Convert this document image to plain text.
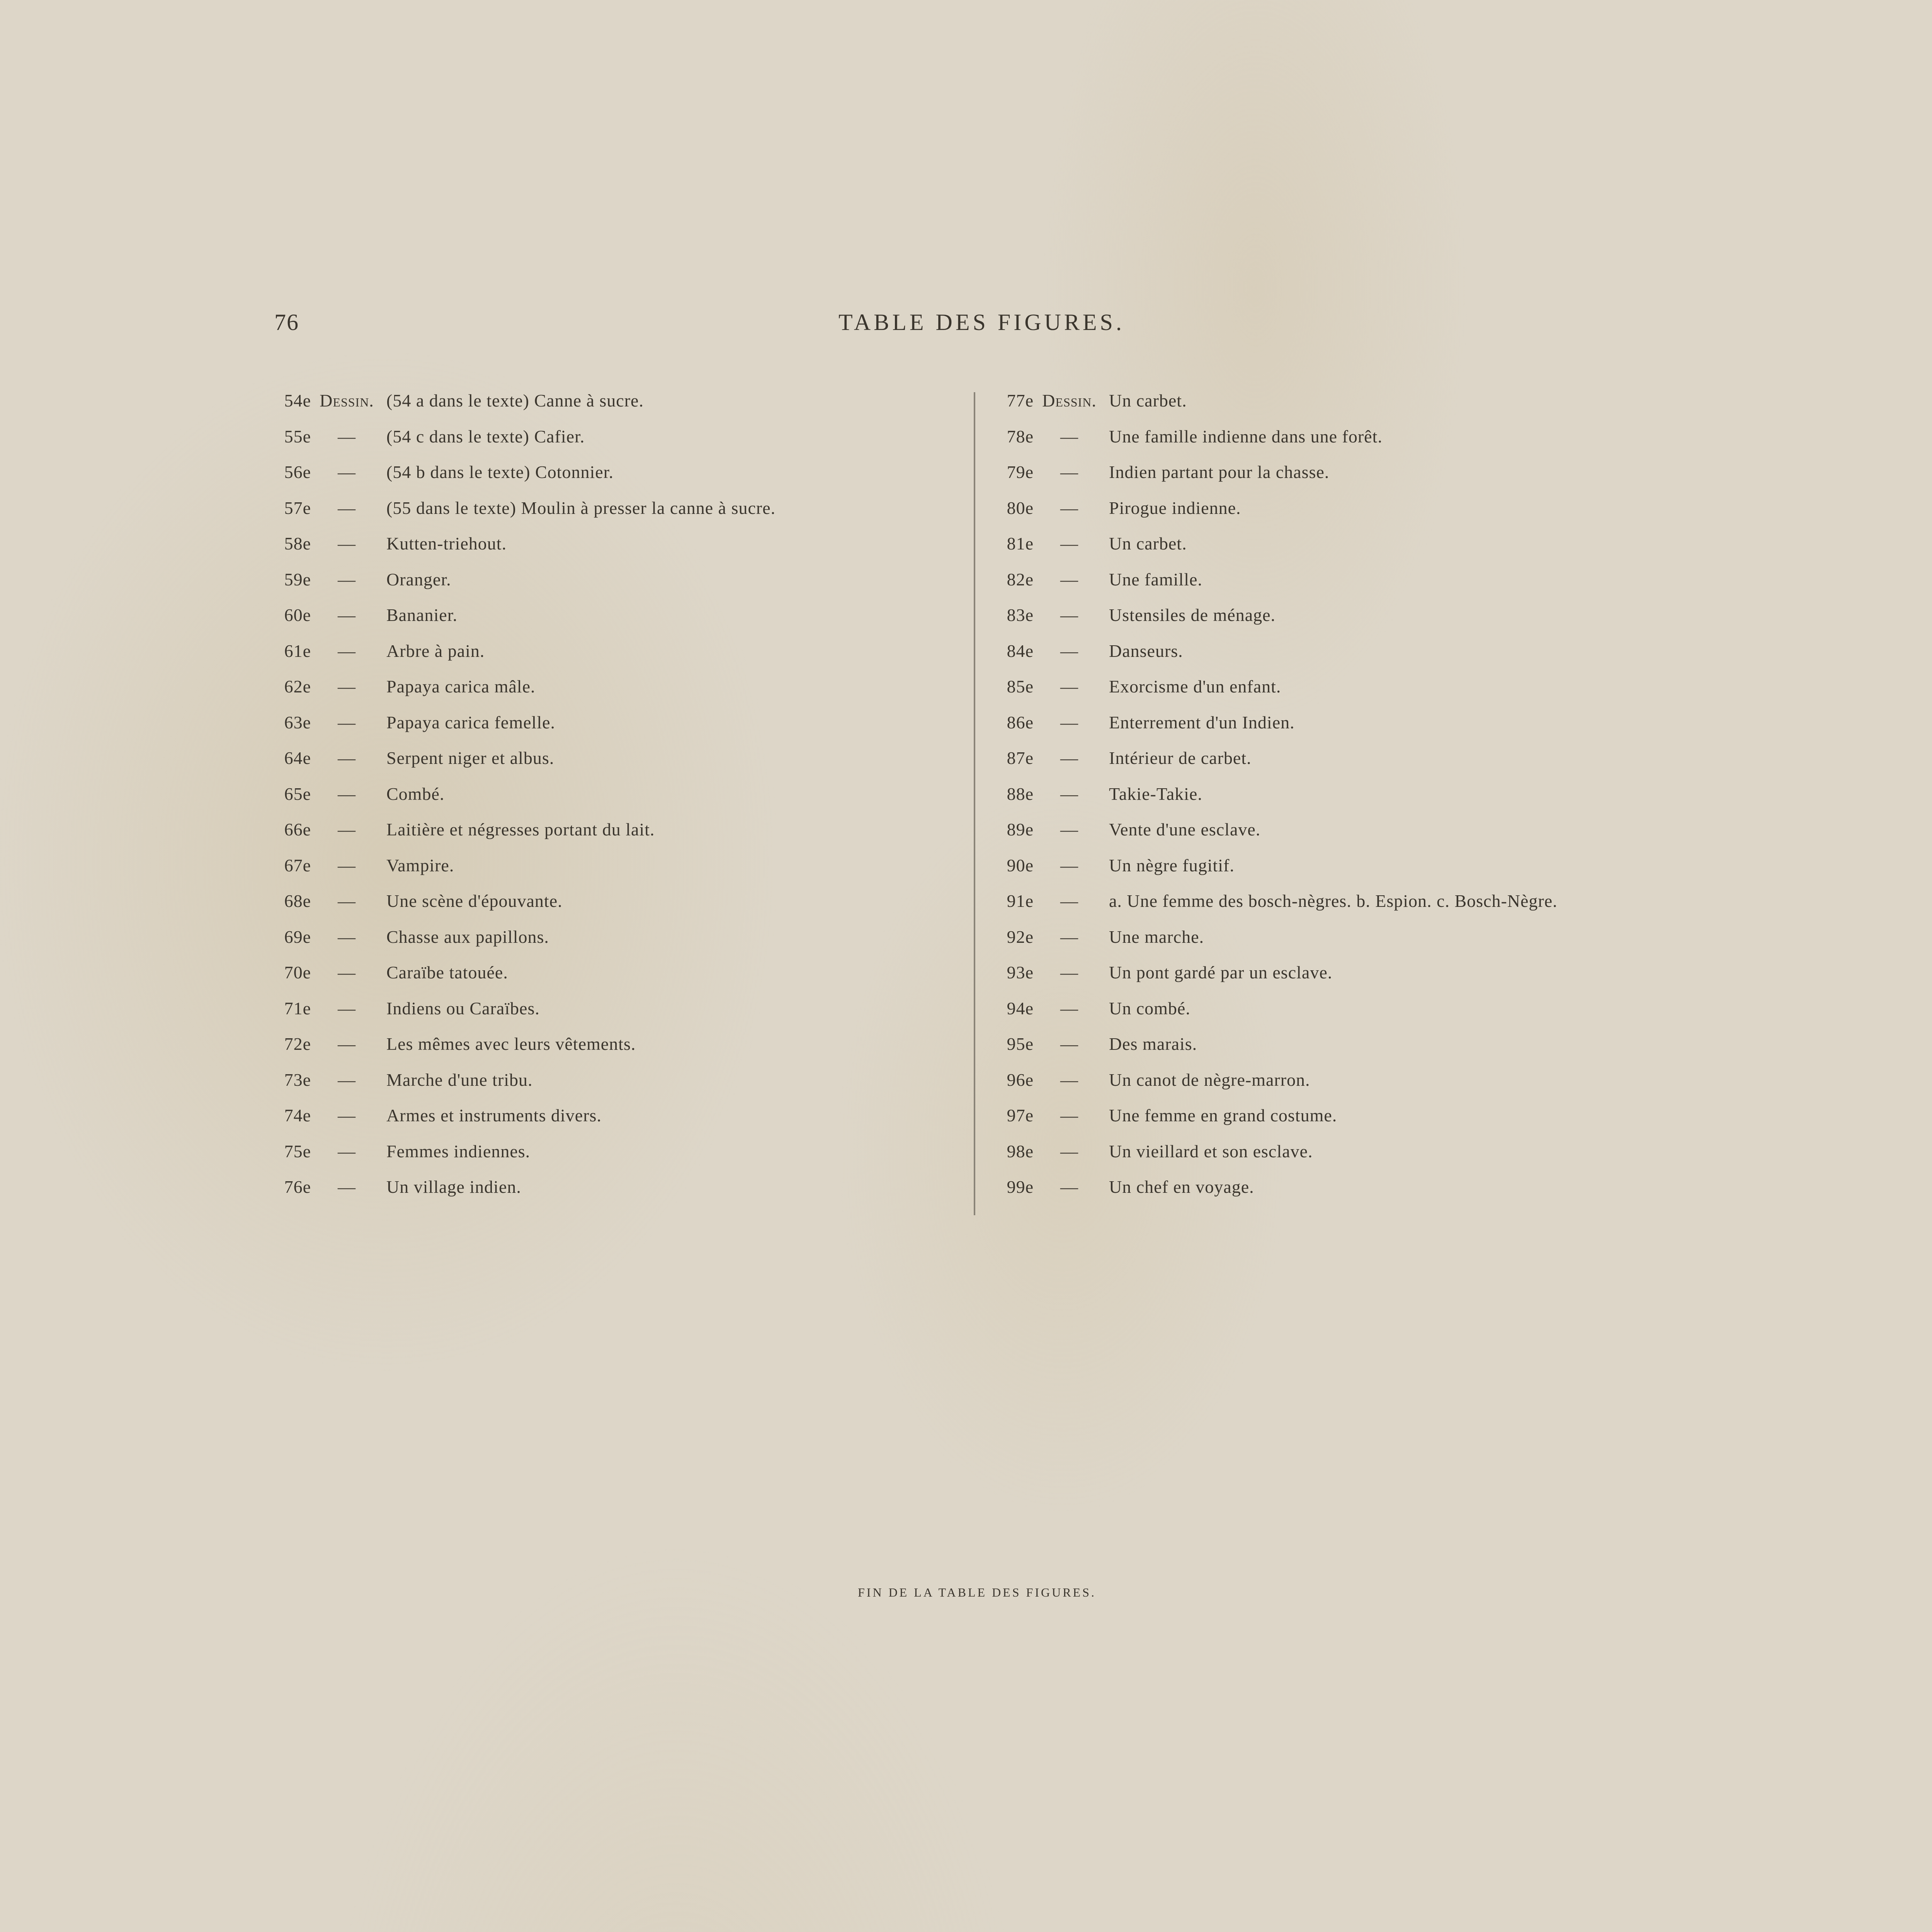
76	TABLE DES FIGURES.
54e Dessin. (54 a dans le texte) Canne à sucre.
55e	—	(54 c dans le texte) Cafier.
56e	—	(54 b dans le texte) Cotonnier.
57e	—	(55 dans le texte) Moulin à presser la canne à sucre.
58e	—	Kutten-triehout.
59e	—	Oranger.
60e	—	Bananier.
61e	—	Arbre à pain.
62e	—	Papaya carica mâle.
63e	—	Papaya carica femelle.
64e	—	Serpent niger et albus.
65e	—	Combé.
66e	—	Laitière et négresses portant du lait.
67e	—	Vampire.
68e	—	Une scène d'épouvante.
69e	—	Chasse aux papillons.
70e	—	Caraïbe tatouée.
71e	—	Indiens ou Caraïbes.
72e	—	Les mêmes avec leurs vêtements.
73e	—	Marche d'une tribu.
74e	—	Armes et instruments divers.
75e	—	Femmes indiennes.
76e	—	Un village indien.
77e Dessin. Un carbet.
78e	—	Une famille indienne dans une forêt.
79e	—	Indien partant pour la chasse.
80e	—	Pirogue indienne.
81e	—	Un carbet.
82e	—	Une famille.
83e	—	Ustensiles de ménage.
84e	—	Danseurs.
85e	—	Exorcisme d'un enfant.
86e	—	Enterrement d'un Indien.
87e	—	Intérieur de carbet.
88e	—	Takie-Takie.
89e	—	Vente d'une esclave.
90e	—	Un nègre fugitif.
91e	—	a. Une femme des bosch-nègres. b. Espion. c. Bosch-Nègre.
92e	—	Une marche.
93e	—	Un pont gardé par un esclave.
94e	—	Un combé.
95e	—	Des marais.
96e	—	Un canot de nègre-marron.
97e	—	Une femme en grand costume.
98e	—	Un vieillard et son esclave.
99e	—	Un chef en voyage.
FIN DE LA TABLE DES FIGURES.
